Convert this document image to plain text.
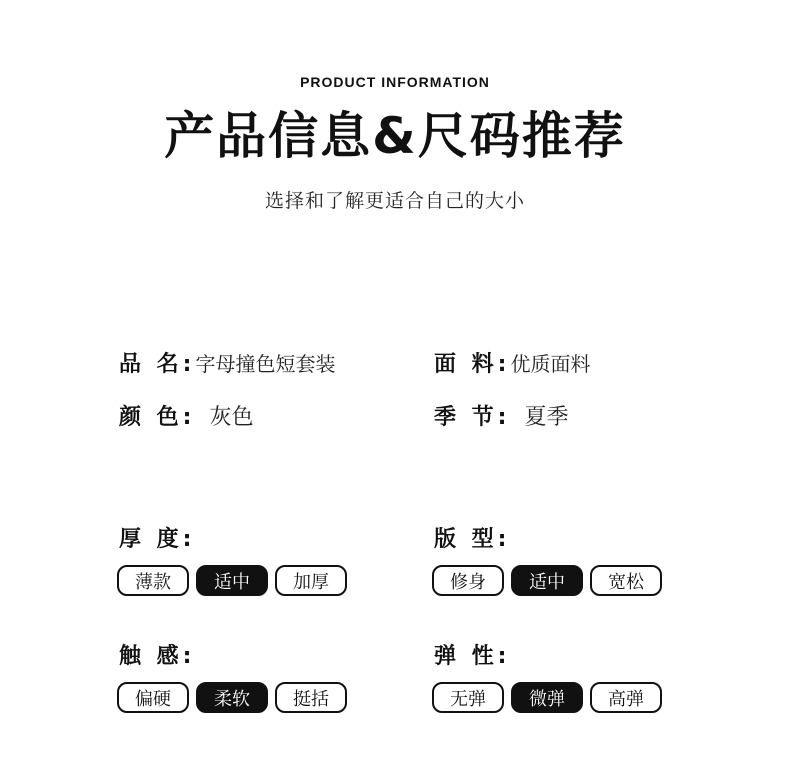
PRODUCT INFORMATION
产品信息&尺码推荐
选择和了解更适合自己的大小
品 名: 字母撞色短套装	面 料: 优质面料
颜 色: 灰色	季 节: 夏季
厚 度:
薄款	适中	加厚
版 型:
修身	适中	宽松
触 感:
偏硬	柔软	挺括
弹 性:
无弹	微弹	高弹
